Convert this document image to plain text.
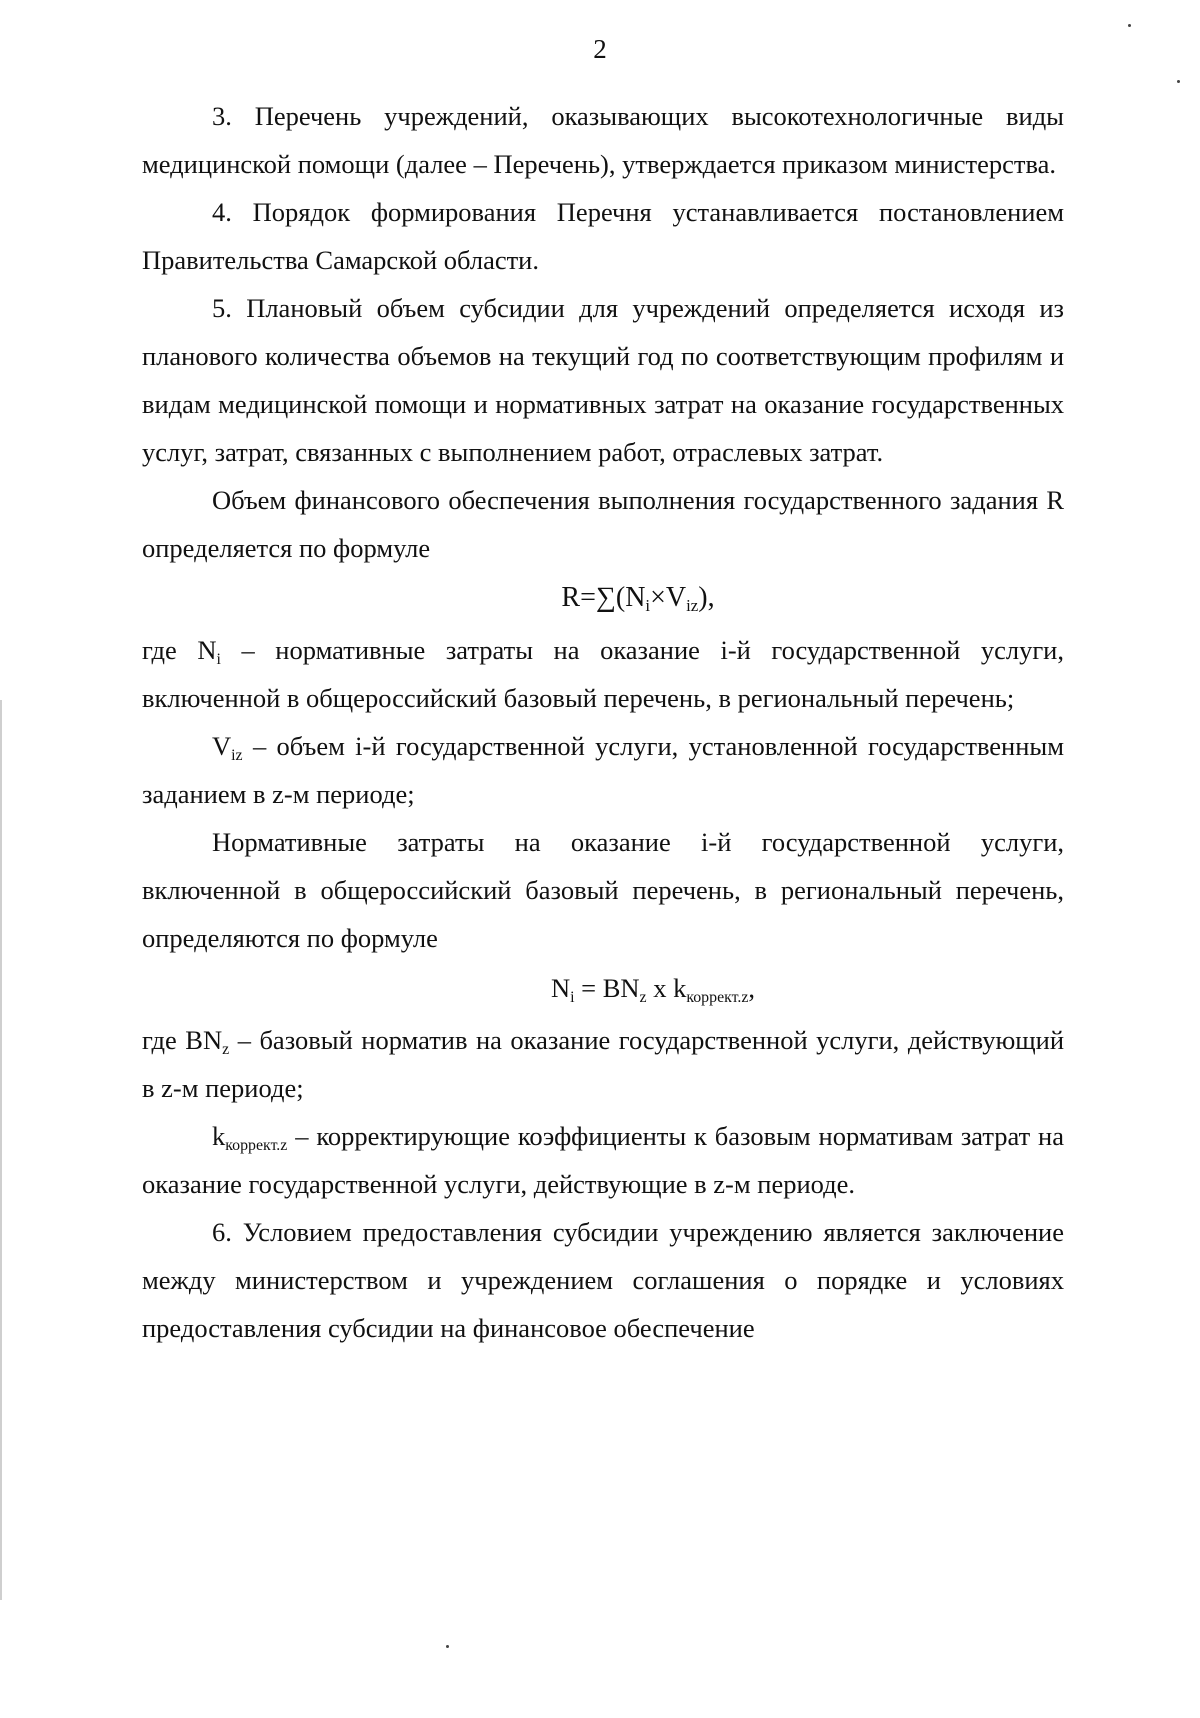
2

3. Перечень учреждений, оказывающих высокотехнологичные виды медицинской помощи (далее – Перечень), утверждается приказом министерства.

4. Порядок формирования Перечня устанавливается постановлением Правительства Самарской области.

5. Плановый объем субсидии для учреждений определяется исходя из планового количества объемов на текущий год по соответствующим профилям и видам медицинской помощи и нормативных затрат на оказание государственных услуг, затрат, связанных с выполнением работ, отраслевых затрат.

Объем финансового обеспечения выполнения государственного задания R определяется по формуле

$R=\sum(N_i\times V_{iz})$,

где $N_i$ – нормативные затраты на оказание i-й государственной услуги, включенной в общероссийский базовый перечень, в региональный перечень;

$V_{iz}$ – объем i-й государственной услуги, установленной государственным заданием в z-м периоде;

Нормативные затраты на оказание i-й государственной услуги, включенной в общероссийский базовый перечень, в региональный перечень, определяются по формуле

$N_i = BN_z$ x $k_{коррект.z}$,

где $BN_z$ – базовый норматив на оказание государственной услуги, действующий в z-м периоде;

$k_{коррект.z}$ – корректирующие коэффициенты к базовым нормативам затрат на оказание государственной услуги, действующие в z-м периоде.

6. Условием предоставления субсидии учреждению является заключение между министерством и учреждением соглашения о порядке и условиях предоставления субсидии на финансовое обеспечение
